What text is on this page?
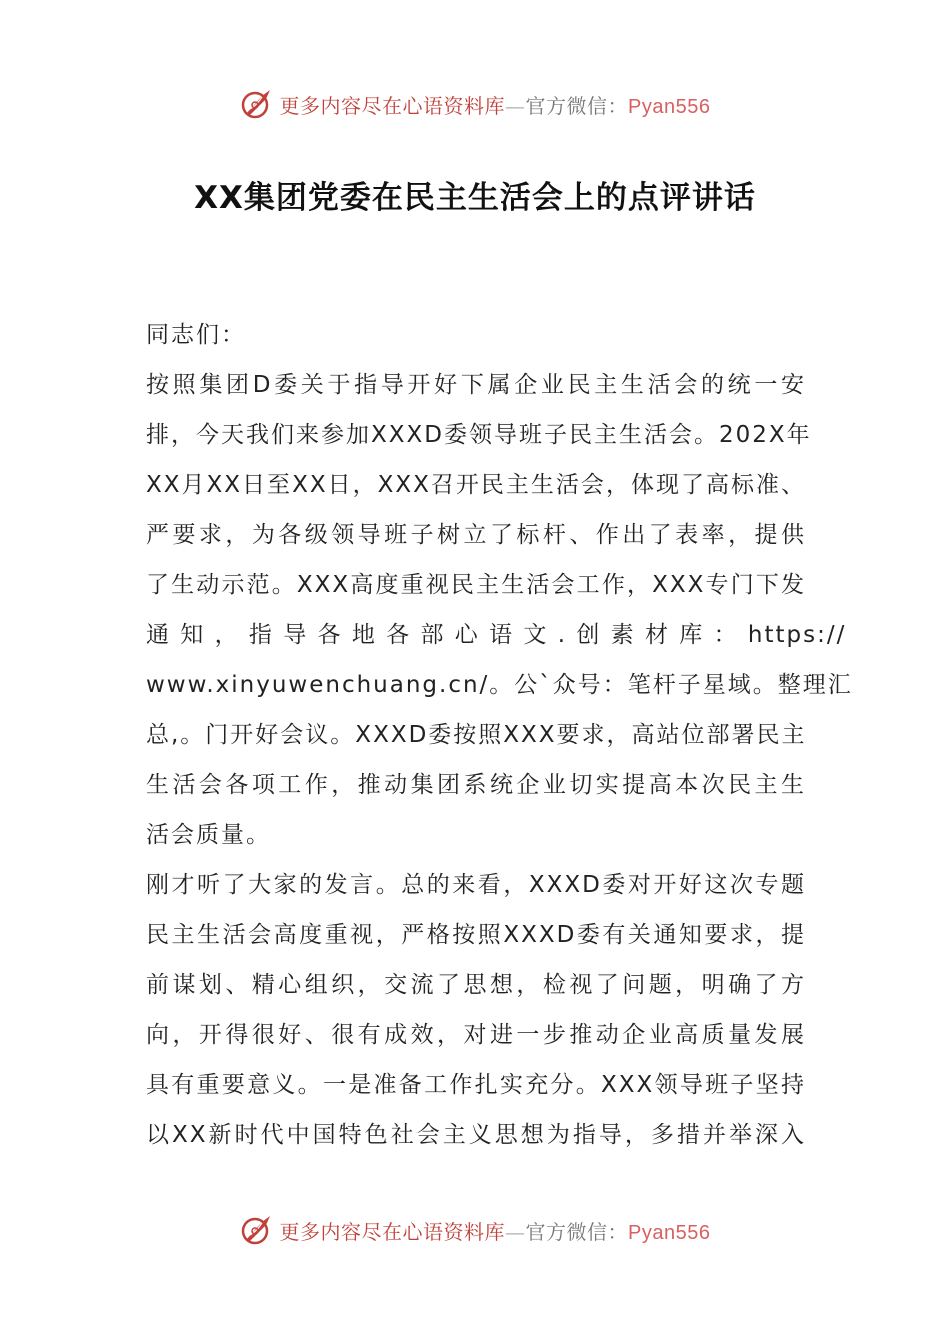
更多内容尽在心语资料库—官方微信：Pyan556
XX集团党委在民主生活会上的点评讲话
同志们：
按照集团D委关于指导开好下属企业民主生活会的统一安
排，今天我们来参加XXXD委领导班子民主生活会。202X年
XX月XX日至XX日，XXX召开民主生活会，体现了高标准、
严要求，为各级领导班子树立了标杆、作出了表率，提供
了生动示范。XXX高度重视民主生活会工作，XXX专门下发
通 知 ， 指 导 各 地 各 部 心 语 文 . 创 素 材 库 ： https://
www.xinyuwenchuang.cn/。公`众号：笔杆子星域。整理汇
总,。门开好会议。XXXD委按照XXX要求，高站位部署民主
生活会各项工作，推动集团系统企业切实提高本次民主生
活会质量。
刚才听了大家的发言。总的来看，XXXD委对开好这次专题
民主生活会高度重视，严格按照XXXD委有关通知要求，提
前谋划、精心组织，交流了思想，检视了问题，明确了方
向，开得很好、很有成效，对进一步推动企业高质量发展
具有重要意义。一是准备工作扎实充分。XXX领导班子坚持
以XX新时代中国特色社会主义思想为指导，多措并举深入
更多内容尽在心语资料库—官方微信：Pyan556
